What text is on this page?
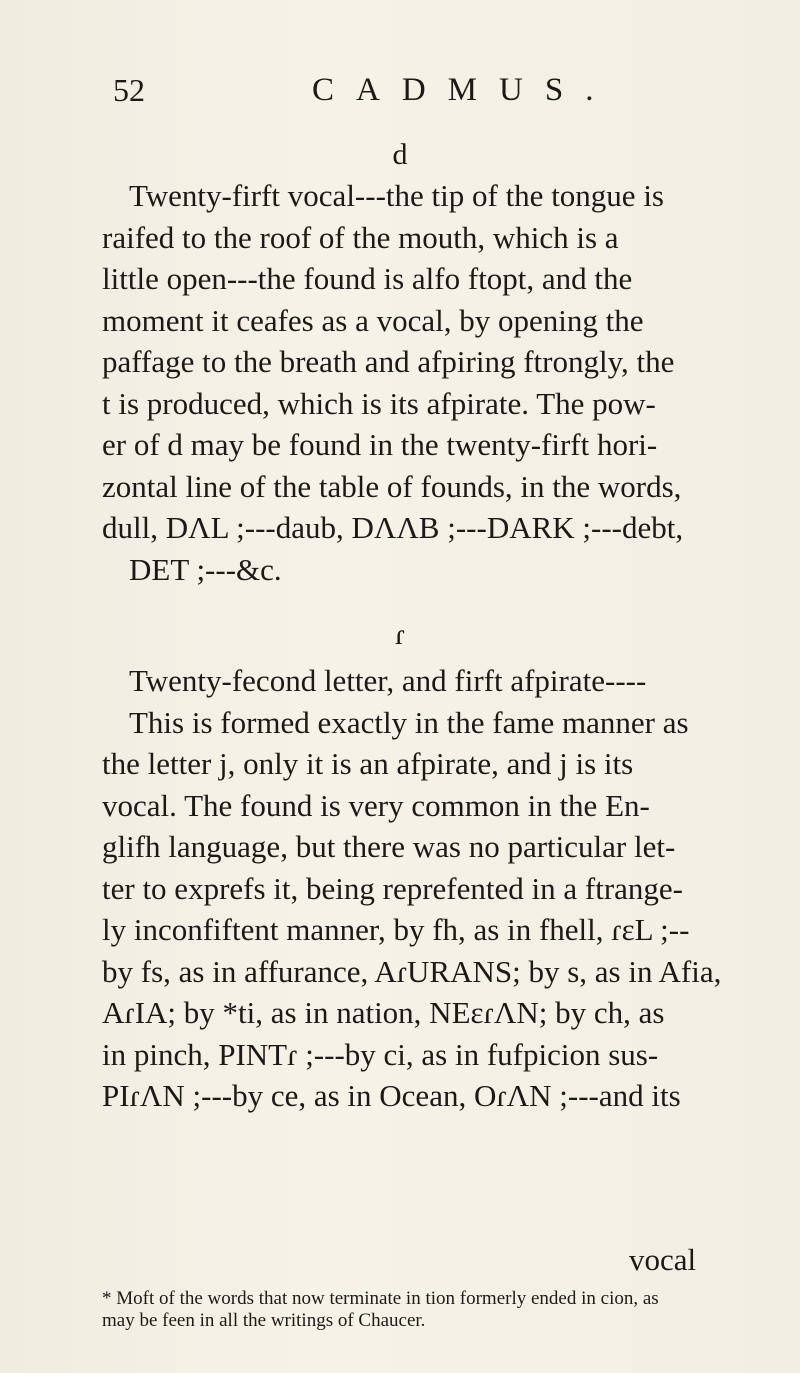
52	CADMUS.
d
Twenty-firft vocal---the tip of the tongue is
raifed to the roof of the mouth, which is a
little open---the found is alfo ftopt, and the
moment it ceafes as a vocal, by opening the
paffage to the breath and afpiring ftrongly, the
t is produced, which is its afpirate. The pow-
er of d may be found in the twenty-firft hori-
zontal line of the table of founds, in the words,
dull, DɅL ;---daub, DɅɅB ;---DARK ;---debt,
DET ;---&c.
ɾ
Twenty-fecond letter, and firft afpirate----
This is formed exactly in the fame manner as
the letter j, only it is an afpirate, and j is its
vocal. The found is very common in the En-
glifh language, but there was no particular let-
ter to exprefs it, being reprefented in a ftrange-
ly inconfiftent manner, by fh, as in fhell, ɾɛL ;--
by fs, as in affurance, AɾURANS; by s, as in Afia,
AɾIA; by *ti, as in nation, NEɛɾɅN; by ch, as
in pinch, PINTɾ ;---by ci, as in fufpicion sus-
PIɾɅN ;---by ce, as in Ocean, OɾɅN ;---and its
vocal
* Moft of the words that now terminate in tion formerly ended in cion, as
may be feen in all the writings of Chaucer.
